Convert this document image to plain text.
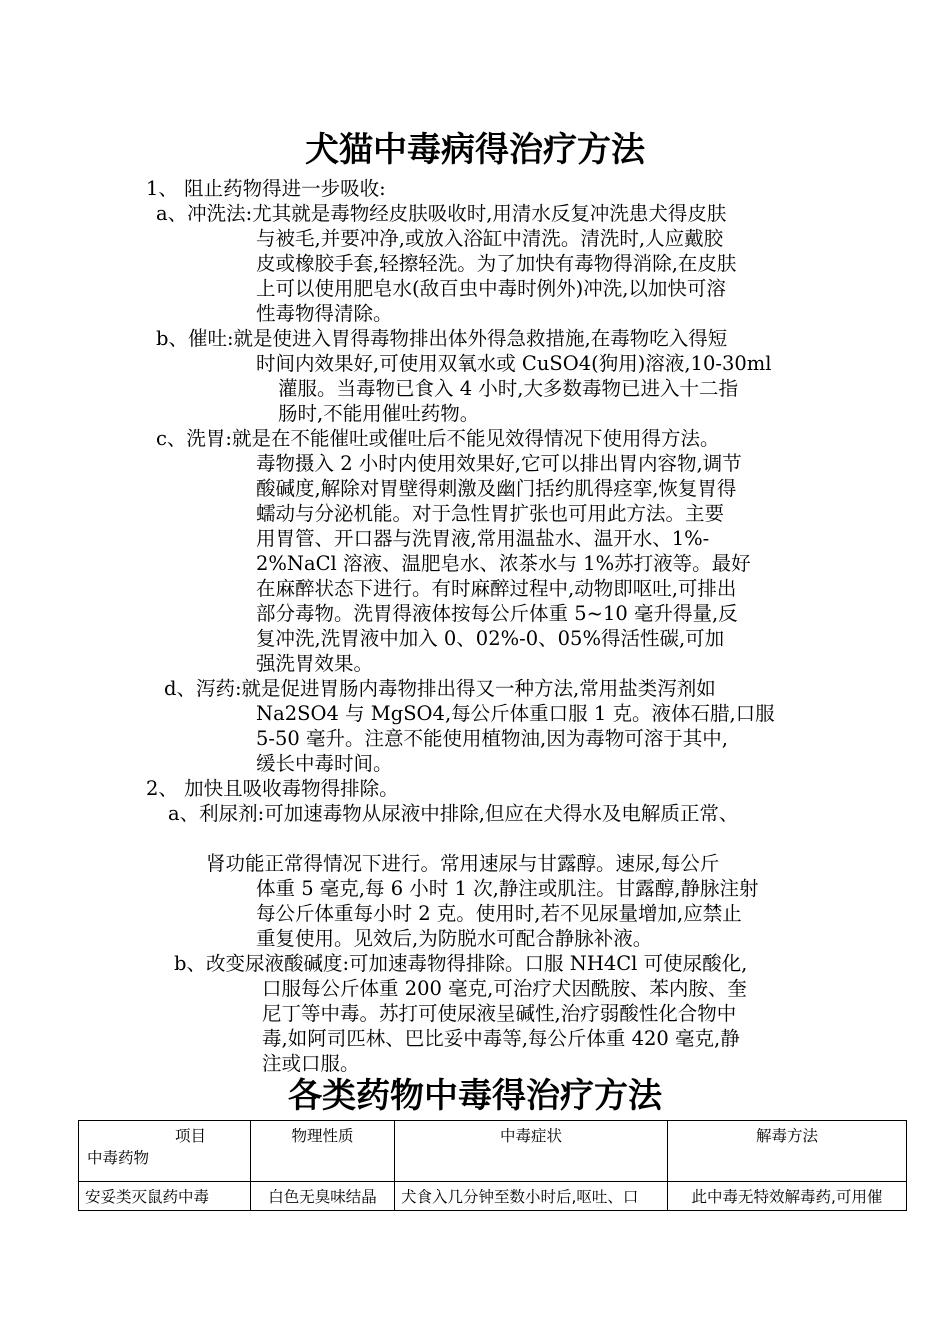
犬猫中毒病得治疗方法

1、 阻止药物得进一步吸收:

a、冲洗法:尤其就是毒物经皮肤吸收时,用清水反复冲洗患犬得皮肤

与被毛,并要冲净,或放入浴缸中清洗。清洗时,人应戴胶

皮或橡胶手套,轻擦轻洗。为了加快有毒物得消除,在皮肤

上可以使用肥皂水(敌百虫中毒时例外)冲洗,以加快可溶

性毒物得清除。

b、催吐:就是使进入胃得毒物排出体外得急救措施,在毒物吃入得短

时间内效果好,可使用双氧水或 CuSO4(狗用)溶液,10-30ml

灌服。当毒物已食入 4 小时,大多数毒物已进入十二指

肠时,不能用催吐药物。

c、洗胃:就是在不能催吐或催吐后不能见效得情况下使用得方法。

毒物摄入 2 小时内使用效果好,它可以排出胃内容物,调节

酸碱度,解除对胃壁得刺激及幽门括约肌得痉挛,恢复胃得

蠕动与分泌机能。对于急性胃扩张也可用此方法。主要

用胃管、开口器与洗胃液,常用温盐水、温开水、1%-

2%NaCl 溶液、温肥皂水、浓茶水与 1%苏打液等。最好

在麻醉状态下进行。有时麻醉过程中,动物即呕吐,可排出

部分毒物。洗胃得液体按每公斤体重 5~10 毫升得量,反

复冲洗,洗胃液中加入 0、02%-0、05%得活性碳,可加

强洗胃效果。

d、泻药:就是促进胃肠内毒物排出得又一种方法,常用盐类泻剂如

Na2SO4 与 MgSO4,每公斤体重口服 1 克。液体石腊,口服

5-50 毫升。注意不能使用植物油,因为毒物可溶于其中,

缓长中毒时间。

2、 加快且吸收毒物得排除。

a、利尿剂:可加速毒物从尿液中排除,但应在犬得水及电解质正常、

肾功能正常得情况下进行。常用速尿与甘露醇。速尿,每公斤

体重 5 毫克,每 6 小时 1 次,静注或肌注。甘露醇,静脉注射

每公斤体重每小时 2 克。使用时,若不见尿量增加,应禁止

重复使用。见效后,为防脱水可配合静脉补液。

b、改变尿液酸碱度:可加速毒物得排除。口服 NH4Cl 可使尿酸化,

口服每公斤体重 200 毫克,可治疗犬因酰胺、苯内胺、奎

尼丁等中毒。苏打可使尿液呈碱性,治疗弱酸性化合物中

毒,如阿司匹林、巴比妥中毒等,每公斤体重 420 毫克,静

注或口服。

各类药物中毒得治疗方法
项目
中毒药物	物理性质	中毒症状	解毒方法
安妥类灭鼠药中毒	白色无臭味结晶	犬食入几分钟至数小时后,呕吐、口	此中毒无特效解毒药,可用催
